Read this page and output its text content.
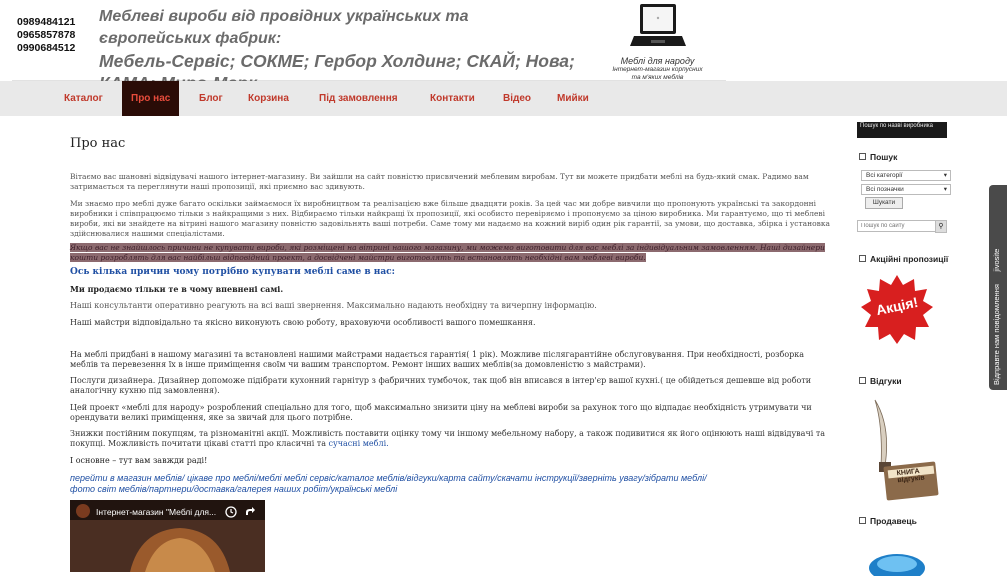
0989484121
0965857878
0990684512
Меблеві вироби від провідних українських та європейських фабрик:
Мебель-Сервіс; СОКМЕ; Гербор Холдинг; СКАЙ; Нова;	Меблі для народу
Інтернет-магазин корпусних
та м'яких меблів
Каталог	Про нас	Блог	Корзина	Під замовлення	Контакти	Відео	Мийки
Про нас
Вітаємо вас шановні відвідувачі нашого інтернет-магазину. Ви зайшли на сайт повністю присвячений меблевим виробам. Тут ви можете придбати меблі на будь-який смак. Радимо вам затримається та переглянути наші пропозиції, які приємно вас здивують.
Ми знаємо про меблі дуже багато оскільки займаємося їх виробництвом та реалізацією вже більше двадцяти років. За цей час ми добре вивчили що пропонують українські та закордонні виробники і співпрацюємо тільки з найкращими з них. Відбираємо тільки найкращі їх пропозиції, які особисто перевіряємо і пропонуємо за ціною виробника. Ми гарантуємо, що ті меблеві вироби, які ви знайдете на вітрині нашого магазину повністю задовільнять ваші потреби. Саме тому ми надаємо на кожний виріб один рік гарантії, за умови, що доставка, збірка і установка здійснювалися нашими спеціалістами.
Якщо вас не знайшлось причини не купувати вироби, які розміщені на вітрині нашого магазину, ми можемо виготовити для вас меблі за індивідуальним замовленням. Наші дизайнери кошти розроблять для вас найбільш відповідний проект, а досвідчені майстри виготовлять та встановлять необхідні вам меблеві вироби.
Ось кілька причин чому потрібно купувати меблі саме в нас:
Ми продаємо тільки те в чому впевнені самі.
Наші консультанти оперативно реагують на всі ваші звернення. Максимально надають необхідну та вичерпну інформацію.
Наші майстри відповідально та якісно виконують свою роботу, враховуючи особливості вашого помешкання.
На меблі придбані в нашому магазині та встановлені нашими майстрами надається гарантія( 1 рік). Можливе післягарантійне обслуговування. При необхідності, розборка меблів та перевезення їх в інше приміщення своїм чи вашим транспортом. Ремонт інших ваших меблів(за домовленістю з майстрами).
Послуги дизайнера. Дизайнер допоможе підібрати кухонний гарнітур з фабричних тумбочок, так щоб він вписався в інтер'єр вашої кухні.( це обійдеться дешевше від роботи аналогічну кухню під замовлення).
Цей проект «меблі для народу» розроблений спеціально для того, щоб максимально знизити ціну на меблеві вироби за рахунок того що відпадає необхідність утримувати чи орендувати великі приміщення, яке за звичай для цього потрібне.
Знижки постійним покупцям, та різноманітні акції. Можливість поставити оцінку тому чи іншому мебельному набору, а також подивитися як його оцінюють наші відвідувачі та покупці. Можливість почитати цікаві статті про класичні та сучасні меблі.
І основне – тут вам завжди раді!
перейти в магазин меблів/ цікаве про меблі/меблі меблі сервіс/каталог меблів/відгуки/карта сайту/скачати інструкції/зверніть увагу/зібрати меблі/
фото світ меблів/партнери/доставка/галерея наших робіт/українські меблі
Інтернет-магазин "Меблі для...
Пошук по назві виробника
Пошук
Всі категорії	▾
Всі позначки	▾
Шукати
Пошук по сайту
⚲
Акційні пропозиції
Акція!
Відгуки
КНИГА відгуків
Продавець
Відправте нам повідомлення      jivosite
